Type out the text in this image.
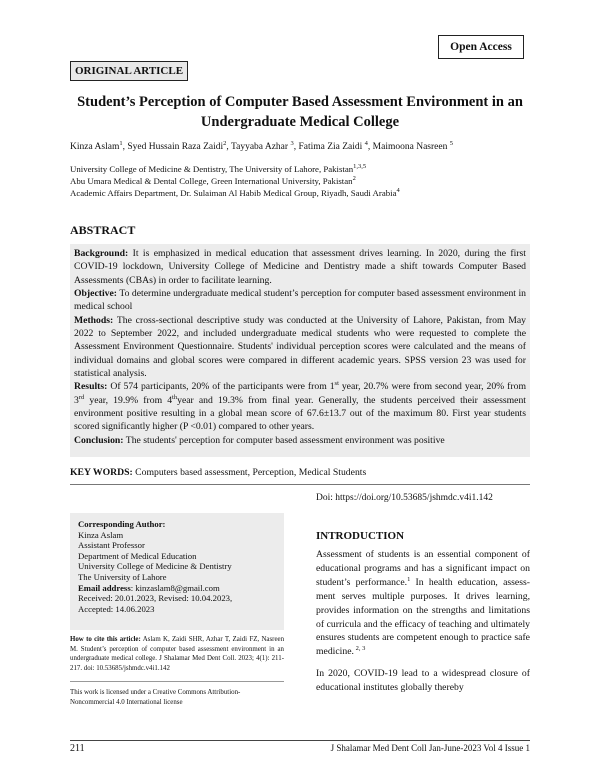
Open Access
ORIGINAL ARTICLE
Student’s Perception of Computer Based Assessment Environment in an Undergraduate Medical College
Kinza Aslam$^1$, Syed Hussain Raza Zaidi$^2$, Tayyaba Azhar $^3$, Fatima Zia Zaidi $^4$, Maimoona Nasreen $^5$
University College of Medicine & Dentistry, The University of Lahore, Pakistan$^{1,3,5}$
Abu Umara Medical & Dental College, Green International University, Pakistan$^2$
Academic Affairs Department, Dr. Sulaiman Al Habib Medical Group, Riyadh, Saudi Arabia$^4$
ABSTRACT

Background: It is emphasized in medical education that assessment drives learning. In 2020, during the first COVID-19 lockdown, University College of Medicine and Dentistry made a shift towards Computer Based Assessments (CBAs) in order to facilitate learning.

Objective: To determine undergraduate medical student’s perception for computer based assessment environment in medical school

Methods: The cross-sectional descriptive study was conducted at the University of Lahore, Pakistan, from May 2022 to September 2022, and included undergraduate medical students who were requested to complete the Assessment Environment Questionnaire. Students' individual perception scores were calculated and the means of individual domains and global scores were compared in different academic years. SPSS version 23 was used for statistical analysis.

Results: Of 574 participants, 20% of the participants were from 1st year, 20.7% were from second year, 20% from 3rd year, 19.9% from 4thyear and 19.3% from final year. Generally, the students perceived their assessment environment positive resulting in a global mean score of 67.6±13.7 out of the maximum 80. First year students scored significantly higher (P <0.01) compared to other years.

Conclusion: The students' perception for computer based assessment environment was positive

KEY WORDS: Computers based assessment, Perception, Medical Students
Doi: https://doi.org/10.53685/jshmdc.v4i1.142
Corresponding Author:
Kinza Aslam
Assistant Professor
Department of Medical Education
University College of Medicine & Dentistry
The University of Lahore
Email address: kinzaslam8@gmail.com
Received: 20.01.2023, Revised: 10.04.2023,
Accepted: 14.06.2023
How to cite this article: Aslam K, Zaidi SHR, Azhar T, Zaidi FZ, Nasreen M. Student’s perception of computer based assessment environment in an undergraduate medical college. J Shalamar Med Dent Coll. 2023; 4(1): 211-217. doi: 10.53685/jshmdc.v4i1.142
This work is licensed under a Creative Commons Attribution-Noncommercial 4.0 International license
INTRODUCTION

Assessment of students is an essential component of educational programs and has a significant impact on student’s performance.$^1$ In health education, assess-ment serves multiple purposes. It drives learning, provides information on the strengths and limitations of curricula and the efficacy of teaching and ultimately ensures students are competent enough to practice safe medicine. $^{2, 3}$

In 2020, COVID-19 lead to a widespread closure of educational institutes globally thereby

211	J Shalamar Med Dent Coll Jan-June-2023 Vol 4 Issue 1
